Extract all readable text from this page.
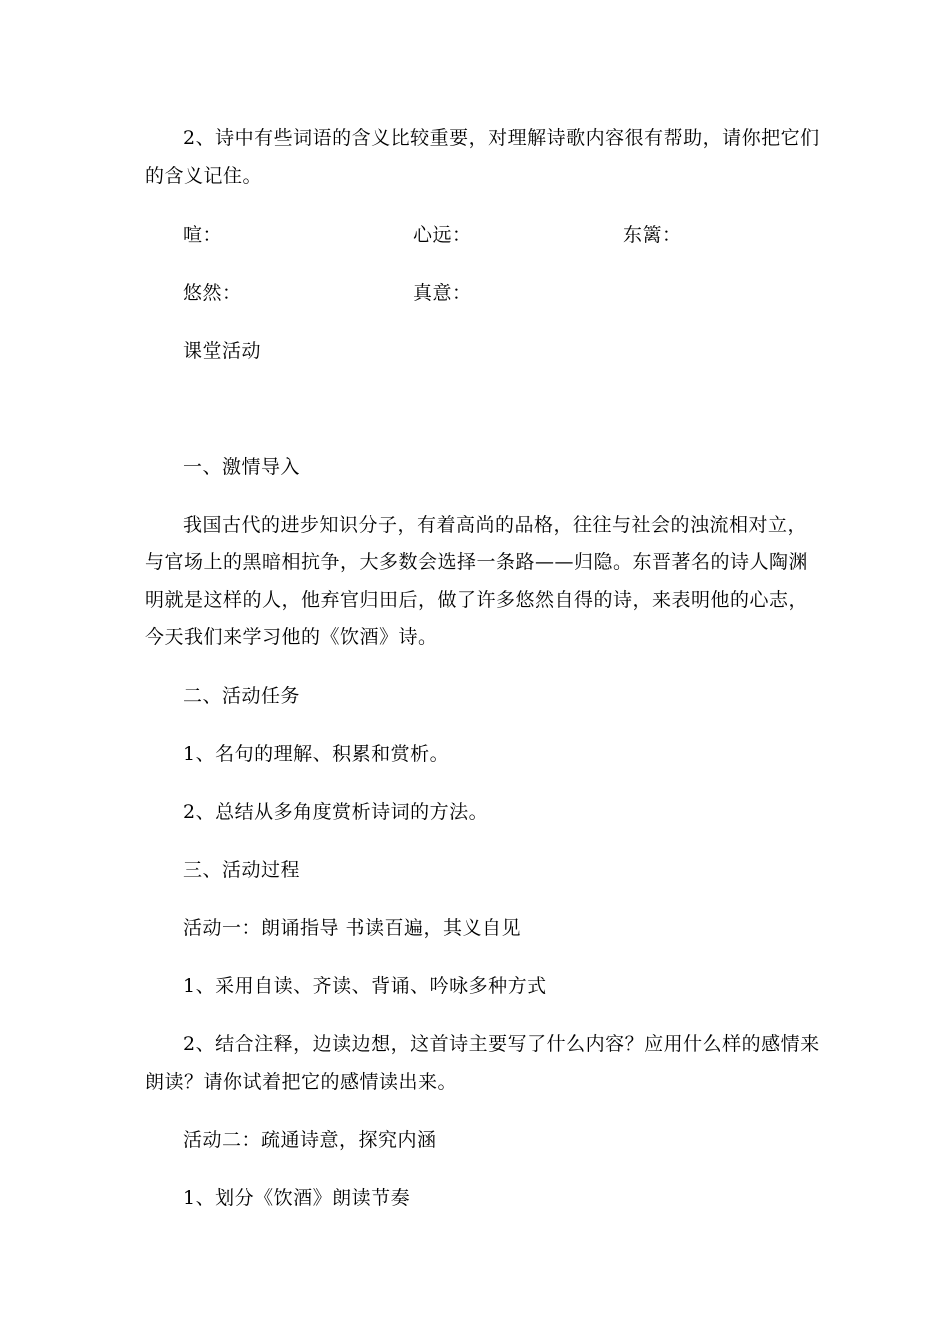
2、诗中有些词语的含义比较重要，对理解诗歌内容很有帮助，请你把它们
的含义记住。
喧：	心远：	东篱：
悠然：	真意：
课堂活动
一、激情导入
我国古代的进步知识分子，有着高尚的品格，往往与社会的浊流相对立，
与官场上的黑暗相抗争，大多数会选择一条路——归隐。东晋著名的诗人陶渊
明就是这样的人，他弃官归田后，做了许多悠然自得的诗，来表明他的心志，
今天我们来学习他的《饮酒》诗。
二、活动任务
1、名句的理解、积累和赏析。
2、总结从多角度赏析诗词的方法。
三、活动过程
活动一：朗诵指导 书读百遍，其义自见
1、采用自读、齐读、背诵、吟咏多种方式
2、结合注释，边读边想，这首诗主要写了什么内容？应用什么样的感情来
朗读？请你试着把它的感情读出来。
活动二：疏通诗意，探究内涵
1、划分《饮酒》朗读节奏
